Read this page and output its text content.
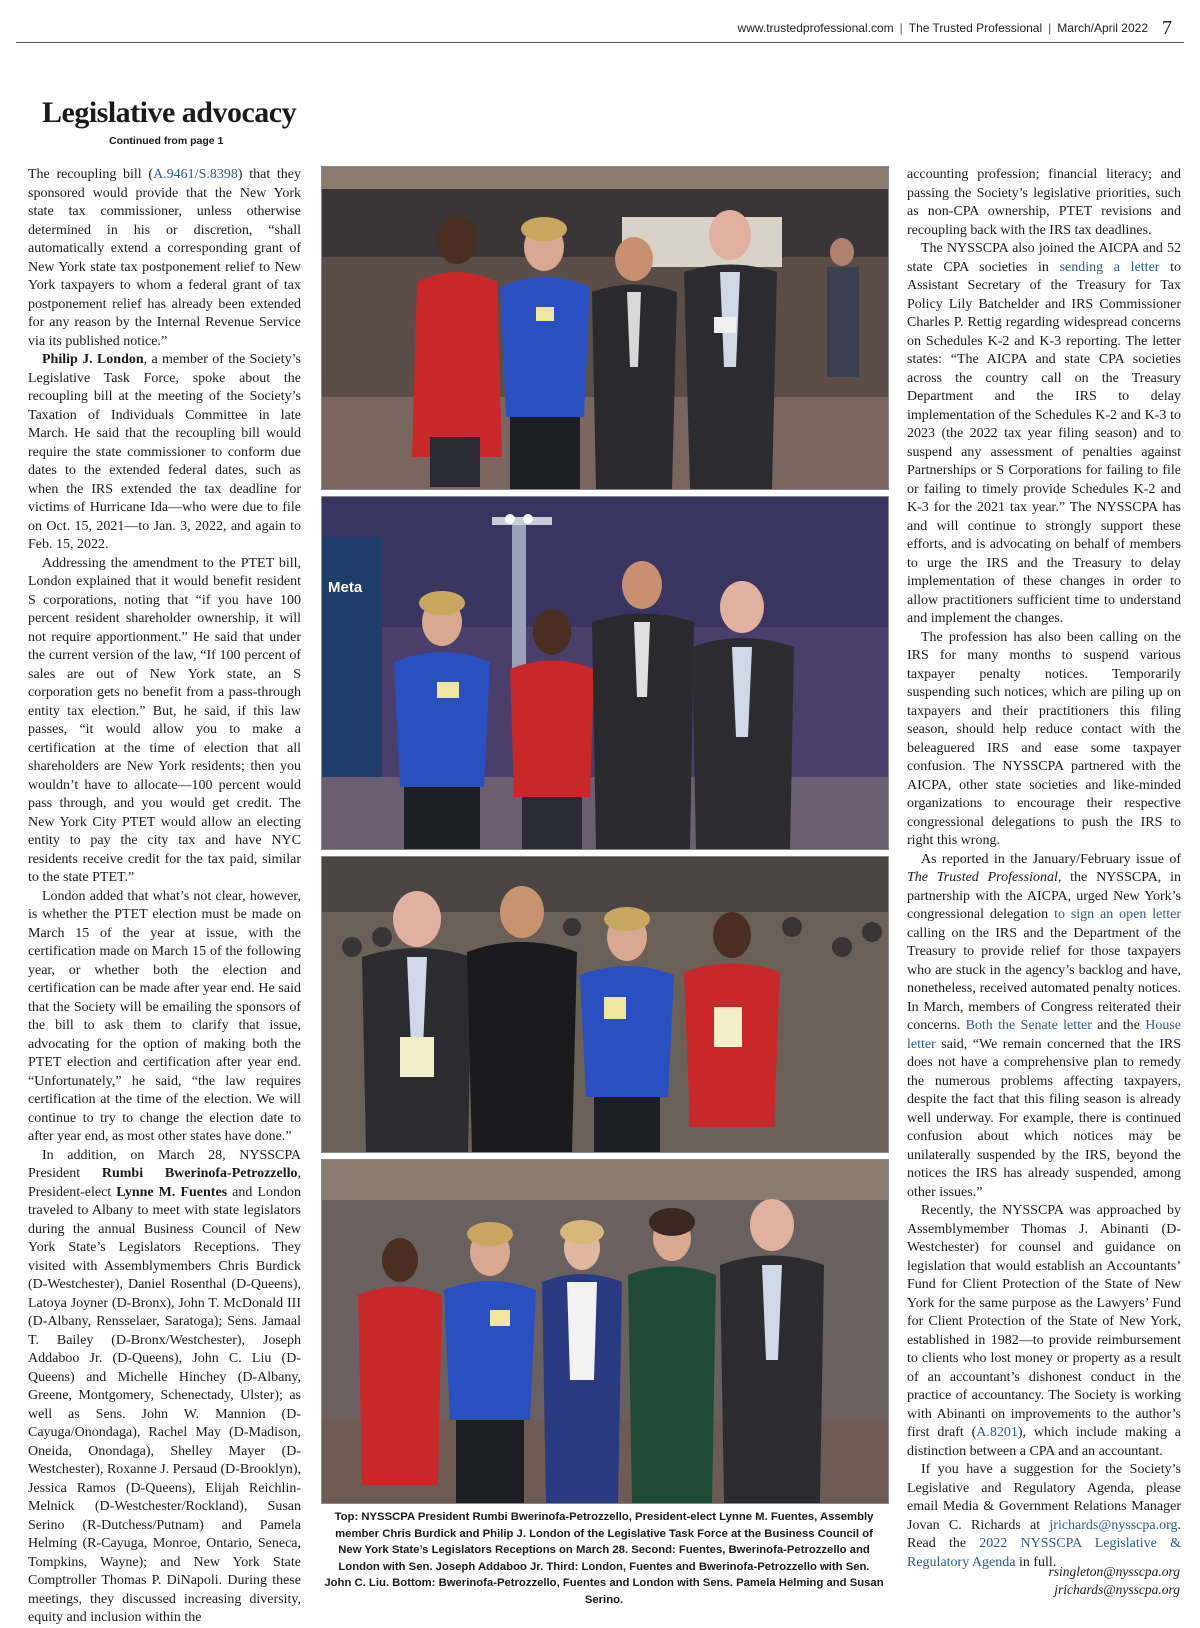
www.trustedprofessional.com | The Trusted Professional | March/April 2022 7
Legislative advocacy
Continued from page 1

The recoupling bill (A.9461/S.8398) that they sponsored would provide that the New York state tax commissioner, unless otherwise determined in his or discretion, “shall automatically extend a corresponding grant of New York state tax postponement relief to New York taxpayers to whom a federal grant of tax postponement relief has already been extended for any reason by the Internal Revenue Service via its published notice.”

Philip J. London, a member of the Society’s Legislative Task Force, spoke about the recoupling bill at the meeting of the Society’s Taxation of Individuals Committee in late March. He said that the recoupling bill would require the state commissioner to conform due dates to the extended federal dates, such as when the IRS extended the tax deadline for victims of Hurricane Ida—who were due to file on Oct. 15, 2021—to Jan. 3, 2022, and again to Feb. 15, 2022.

Addressing the amendment to the PTET bill, London explained that it would benefit resident S corporations, noting that “if you have 100 percent resident shareholder ownership, it will not require apportionment.” He said that under the current version of the law, “If 100 percent of sales are out of New York state, an S corporation gets no benefit from a pass-through entity tax election.” But, he said, if this law passes, “it would allow you to make a certification at the time of election that all shareholders are New York residents; then you wouldn’t have to allocate—100 percent would pass through, and you would get credit. The New York City PTET would allow an electing entity to pay the city tax and have NYC residents receive credit for the tax paid, similar to the state PTET.”

London added that what’s not clear, however, is whether the PTET election must be made on March 15 of the year at issue, with the certification made on March 15 of the following year, or whether both the election and certification can be made after year end. He said that the Society will be emailing the sponsors of the bill to ask them to clarify that issue, advocating for the option of making both the PTET election and certification after year end. “Unfortunately,” he said, “the law requires certification at the time of the election. We will continue to try to change the election date to after year end, as most other states have done.”

In addition, on March 28, NYSSCPA President Rumbi Bwerinofa-Petrozzello, President-elect Lynne M. Fuentes and London traveled to Albany to meet with state legislators during the annual Business Council of New York State’s Legislators Receptions. They visited with Assemblymembers Chris Burdick (D-Westchester), Daniel Rosenthal (D-Queens), Latoya Joyner (D-Bronx), John T. McDonald III (D-Albany, Rensselaer, Saratoga); Sens. Jamaal T. Bailey (D-Bronx/Westchester), Joseph Addaboo Jr. (D-Queens), John C. Liu (D-Queens) and Michelle Hinchey (D-Albany, Greene, Montgomery, Schenectady, Ulster); as well as Sens. John W. Mannion (D-Cayuga/Onondaga), Rachel May (D-Madison, Oneida, Onondaga), Shelley Mayer (D-Westchester), Roxanne J. Persaud (D-Brooklyn), Jessica Ramos (D-Queens), Elijah Reichlin-Melnick (D-Westchester/Rockland), Susan Serino (R-Dutchess/Putnam) and Pamela Helming (R-Cayuga, Monroe, Ontario, Seneca, Tompkins, Wayne); and New York State Comptroller Thomas P. DiNapoli. During these meetings, they discussed increasing diversity, equity and inclusion within the

Meta
Top: NYSSCPA President Rumbi Bwerinofa-Petrozzello, President-elect Lynne M. Fuentes, Assembly member Chris Burdick and Philip J. London of the Legislative Task Force at the Business Council of New York State’s Legislators Receptions on March 28. Second: Fuentes, Bwerinofa-Petrozzello and London with Sen. Joseph Addaboo Jr. Third: London, Fuentes and Bwerinofa-Petrozzello with Sen. John C. Liu. Bottom: Bwerinofa-Petrozzello, Fuentes and London with Sens. Pamela Helming and Susan Serino.

accounting profession; financial literacy; and passing the Society’s legislative priorities, such as non-CPA ownership, PTET revisions and recoupling back with the IRS tax deadlines.

The NYSSCPA also joined the AICPA and 52 state CPA societies in sending a letter to Assistant Secretary of the Treasury for Tax Policy Lily Batchelder and IRS Commissioner Charles P. Rettig regarding widespread concerns on Schedules K-2 and K-3 reporting. The letter states: “The AICPA and state CPA societies across the country call on the Treasury Department and the IRS to delay implementation of the Schedules K-2 and K-3 to 2023 (the 2022 tax year filing season) and to suspend any assessment of penalties against Partnerships or S Corporations for failing to file or failing to timely provide Schedules K-2 and K-3 for the 2021 tax year.” The NYSSCPA has and will continue to strongly support these efforts, and is advocating on behalf of members to urge the IRS and the Treasury to delay implementation of these changes in order to allow practitioners sufficient time to understand and implement the changes.

The profession has also been calling on the IRS for many months to suspend various taxpayer penalty notices. Temporarily suspending such notices, which are piling up on taxpayers and their practitioners this filing season, should help reduce contact with the beleaguered IRS and ease some taxpayer confusion. The NYSSCPA partnered with the AICPA, other state societies and like-minded organizations to encourage their respective congressional delegations to push the IRS to right this wrong.

As reported in the January/February issue of The Trusted Professional, the NYSSCPA, in partnership with the AICPA, urged New York’s congressional delegation to sign an open letter calling on the IRS and the Department of the Treasury to provide relief for those taxpayers who are stuck in the agency’s backlog and have, nonetheless, received automated penalty notices. In March, members of Congress reiterated their concerns. Both the Senate letter and the House letter said, “We remain concerned that the IRS does not have a comprehensive plan to remedy the numerous problems affecting taxpayers, despite the fact that this filing season is already well underway. For example, there is continued confusion about which notices may be unilaterally suspended by the IRS, beyond the notices the IRS has already suspended, among other issues.”

Recently, the NYSSCPA was approached by Assemblymember Thomas J. Abinanti (D-Westchester) for counsel and guidance on legislation that would establish an Accountants’ Fund for Client Protection of the State of New York for the same purpose as the Lawyers’ Fund for Client Protection of the State of New York, established in 1982—to provide reimbursement to clients who lost money or property as a result of an accountant’s dishonest conduct in the practice of accountancy. The Society is working with Abinanti on improvements to the author’s first draft (A.8201), which include making a distinction between a CPA and an accountant.

If you have a suggestion for the Society’s Legislative and Regulatory Agenda, please email Media & Government Relations Manager Jovan C. Richards at jrichards@nysscpa.org. Read the 2022 NYSSCPA Legislative & Regulatory Agenda in full.

rsingleton@nysscpa.org
jrichards@nysscpa.org
